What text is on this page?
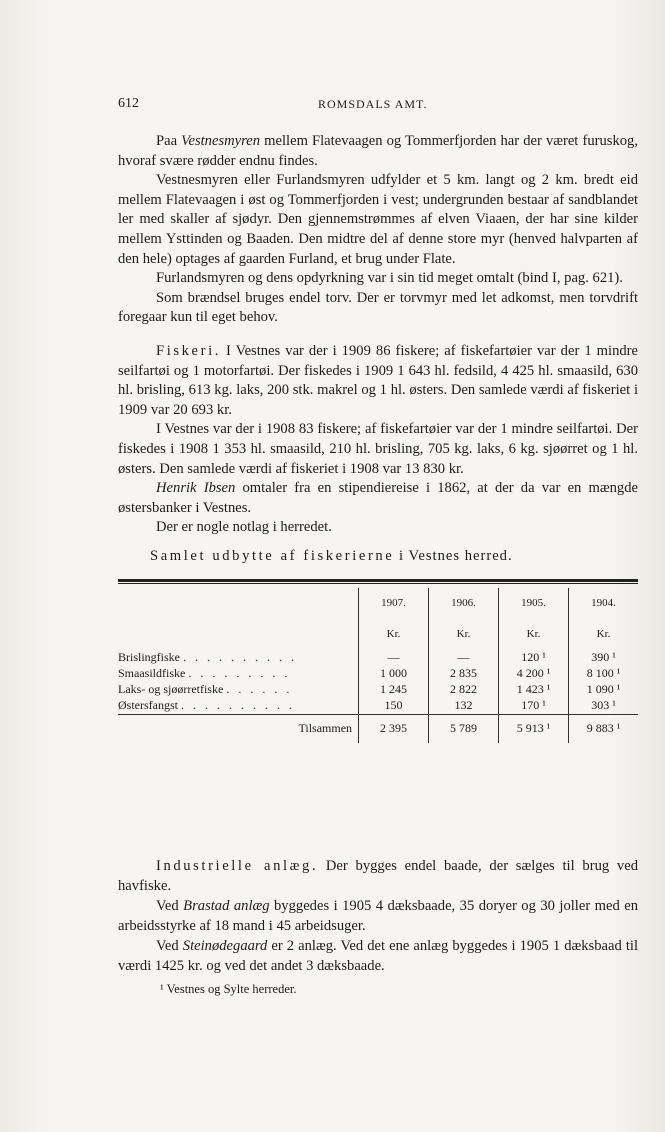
612	ROMSDALS AMT.

Paa Vestnesmyren mellem Flatevaagen og Tommerfjorden har der været furuskog, hvoraf svære rødder endnu findes.

Vestnesmyren eller Furlandsmyren udfylder et 5 km. langt og 2 km. bredt eid mellem Flatevaagen i øst og Tommerfjorden i vest; undergrunden bestaar af sandblandet ler med skaller af sjødyr. Den gjennemstrømmes af elven Viaaen, der har sine kilder mellem Ysttinden og Baaden. Den midtre del af denne store myr (henved halvparten af den hele) optages af gaarden Furland, et brug under Flate.

Furlandsmyren og dens opdyrkning var i sin tid meget omtalt (bind I, pag. 621).

Som brændsel bruges endel torv. Der er torvmyr med let adkomst, men torvdrift foregaar kun til eget behov.

Fiskeri. I Vestnes var der i 1909 86 fiskere; af fiskefartøier var der 1 mindre seilfartøi og 1 motorfartøi. Der fiskedes i 1909 1 643 hl. fedsild, 4 425 hl. smaasild, 630 hl. brisling, 613 kg. laks, 200 stk. makrel og 1 hl. østers. Den samlede værdi af fiskeriet i 1909 var 20 693 kr.

I Vestnes var der i 1908 83 fiskere; af fiskefartøier var der 1 mindre seilfartøi. Der fiskedes i 1908 1 353 hl. smaasild, 210 hl. brisling, 705 kg. laks, 6 kg. sjøørret og 1 hl. østers. Den samlede værdi af fiskeriet i 1908 var 13 830 kr.

Henrik Ibsen omtaler fra en stipendiereise i 1862, at der da var en mængde østersbanker i Vestnes.

Der er nogle notlag i herredet.

Samlet udbytte af fiskerierne i Vestnes herred.
	1907.	1906.	1905.	1904.
	Kr.	Kr.	Kr.	Kr.
Brislingfiske . . . . . . . . . .	—	—	120 ¹	390 ¹
Smaasildfiske . . . . . . . . .	1 000	2 835	4 200 ¹	8 100 ¹
Laks- og sjøørretfiske . . . . . .	1 245	2 822	1 423 ¹	1 090 ¹
Østersfangst . . . . . . . . . .	150	132	170 ¹	303 ¹
Tilsammen	2 395	5 789	5 913 ¹	9 883 ¹

Industrielle anlæg. Der bygges endel baade, der sælges til brug ved havfiske.

Ved Brastad anlæg byggedes i 1905 4 dæksbaade, 35 doryer og 30 joller med en arbeidsstyrke af 18 mand i 45 arbeidsuger.

Ved Steinødegaard er 2 anlæg. Ved det ene anlæg byggedes i 1905 1 dæksbaad til værdi 1425 kr. og ved det andet 3 dæksbaade.

¹ Vestnes og Sylte herreder.
